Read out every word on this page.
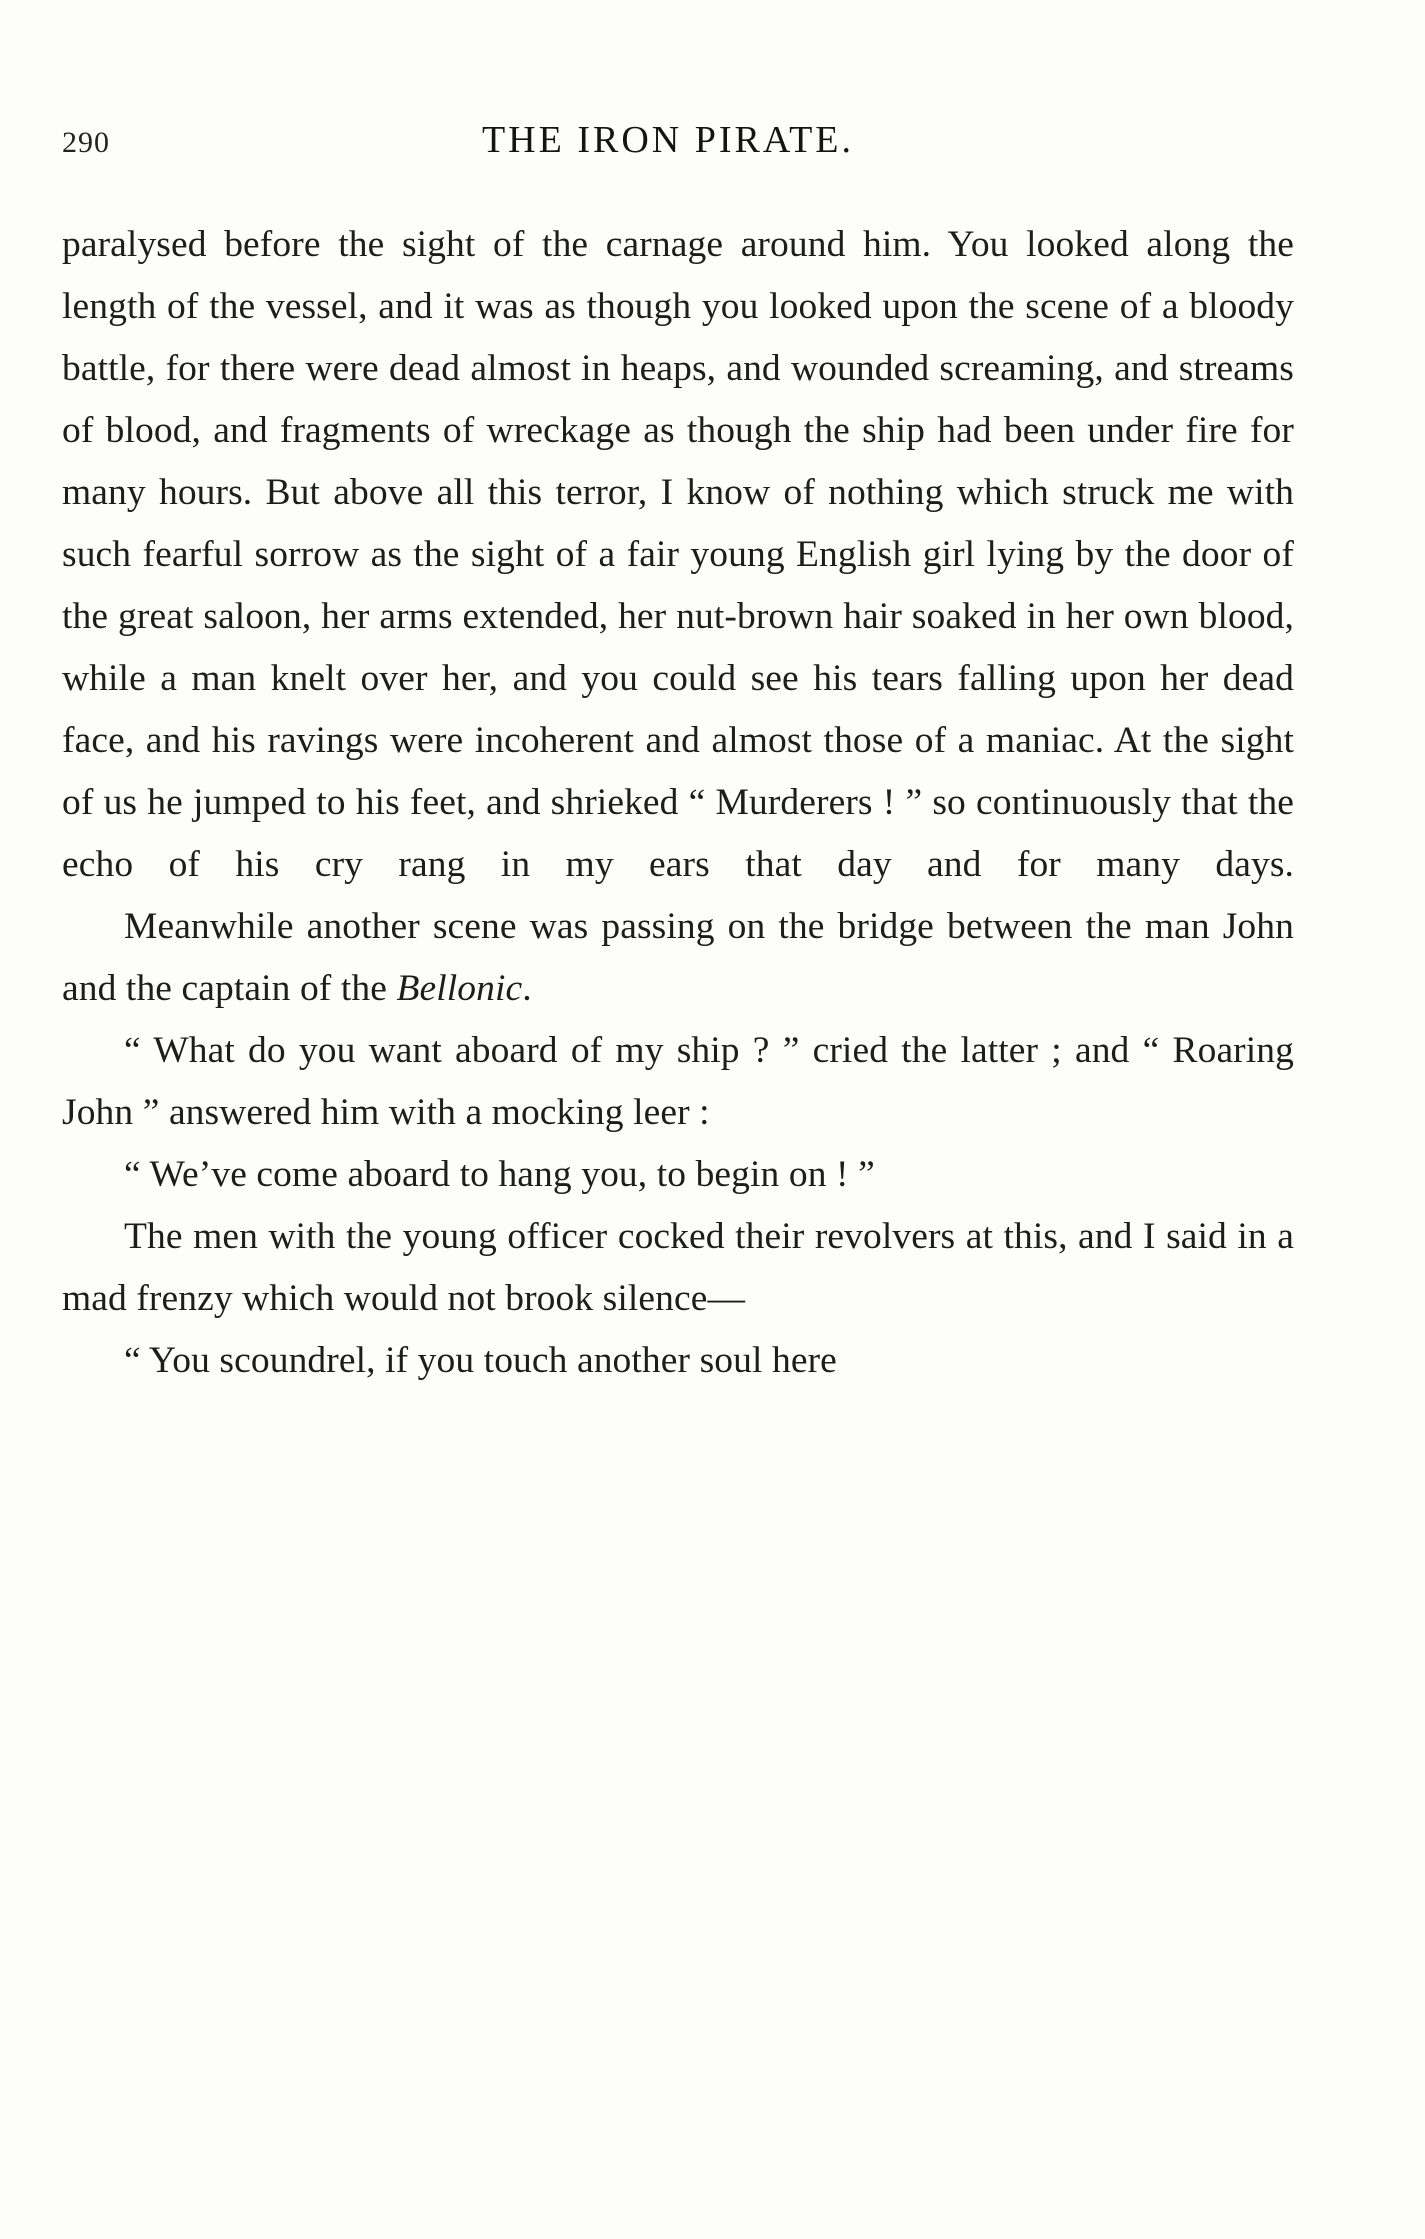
290	THE IRON PIRATE.

paralysed before the sight of the carnage around him. You looked along the length of the vessel, and it was as though you looked upon the scene of a bloody battle, for there were dead almost in heaps, and wounded screaming, and streams of blood, and fragments of wreckage as though the ship had been under fire for many hours. But above all this terror, I know of nothing which struck me with such fearful sorrow as the sight of a fair young English girl lying by the door of the great saloon, her arms extended, her nut-brown hair soaked in her own blood, while a man knelt over her, and you could see his tears falling upon her dead face, and his ravings were incoherent and almost those of a maniac. At the sight of us he jumped to his feet, and shrieked “ Murderers ! ” so continuously that the echo of his cry rang in my ears that day and for many days.

Meanwhile another scene was passing on the bridge between the man John and the captain of the Bellonic.

“ What do you want aboard of my ship ? ” cried the latter ; and “ Roaring John ” answered him with a mocking leer :

“ We’ve come aboard to hang you, to begin on ! ”

The men with the young officer cocked their revolvers at this, and I said in a mad frenzy which would not brook silence—

“ You scoundrel, if you touch another soul here
